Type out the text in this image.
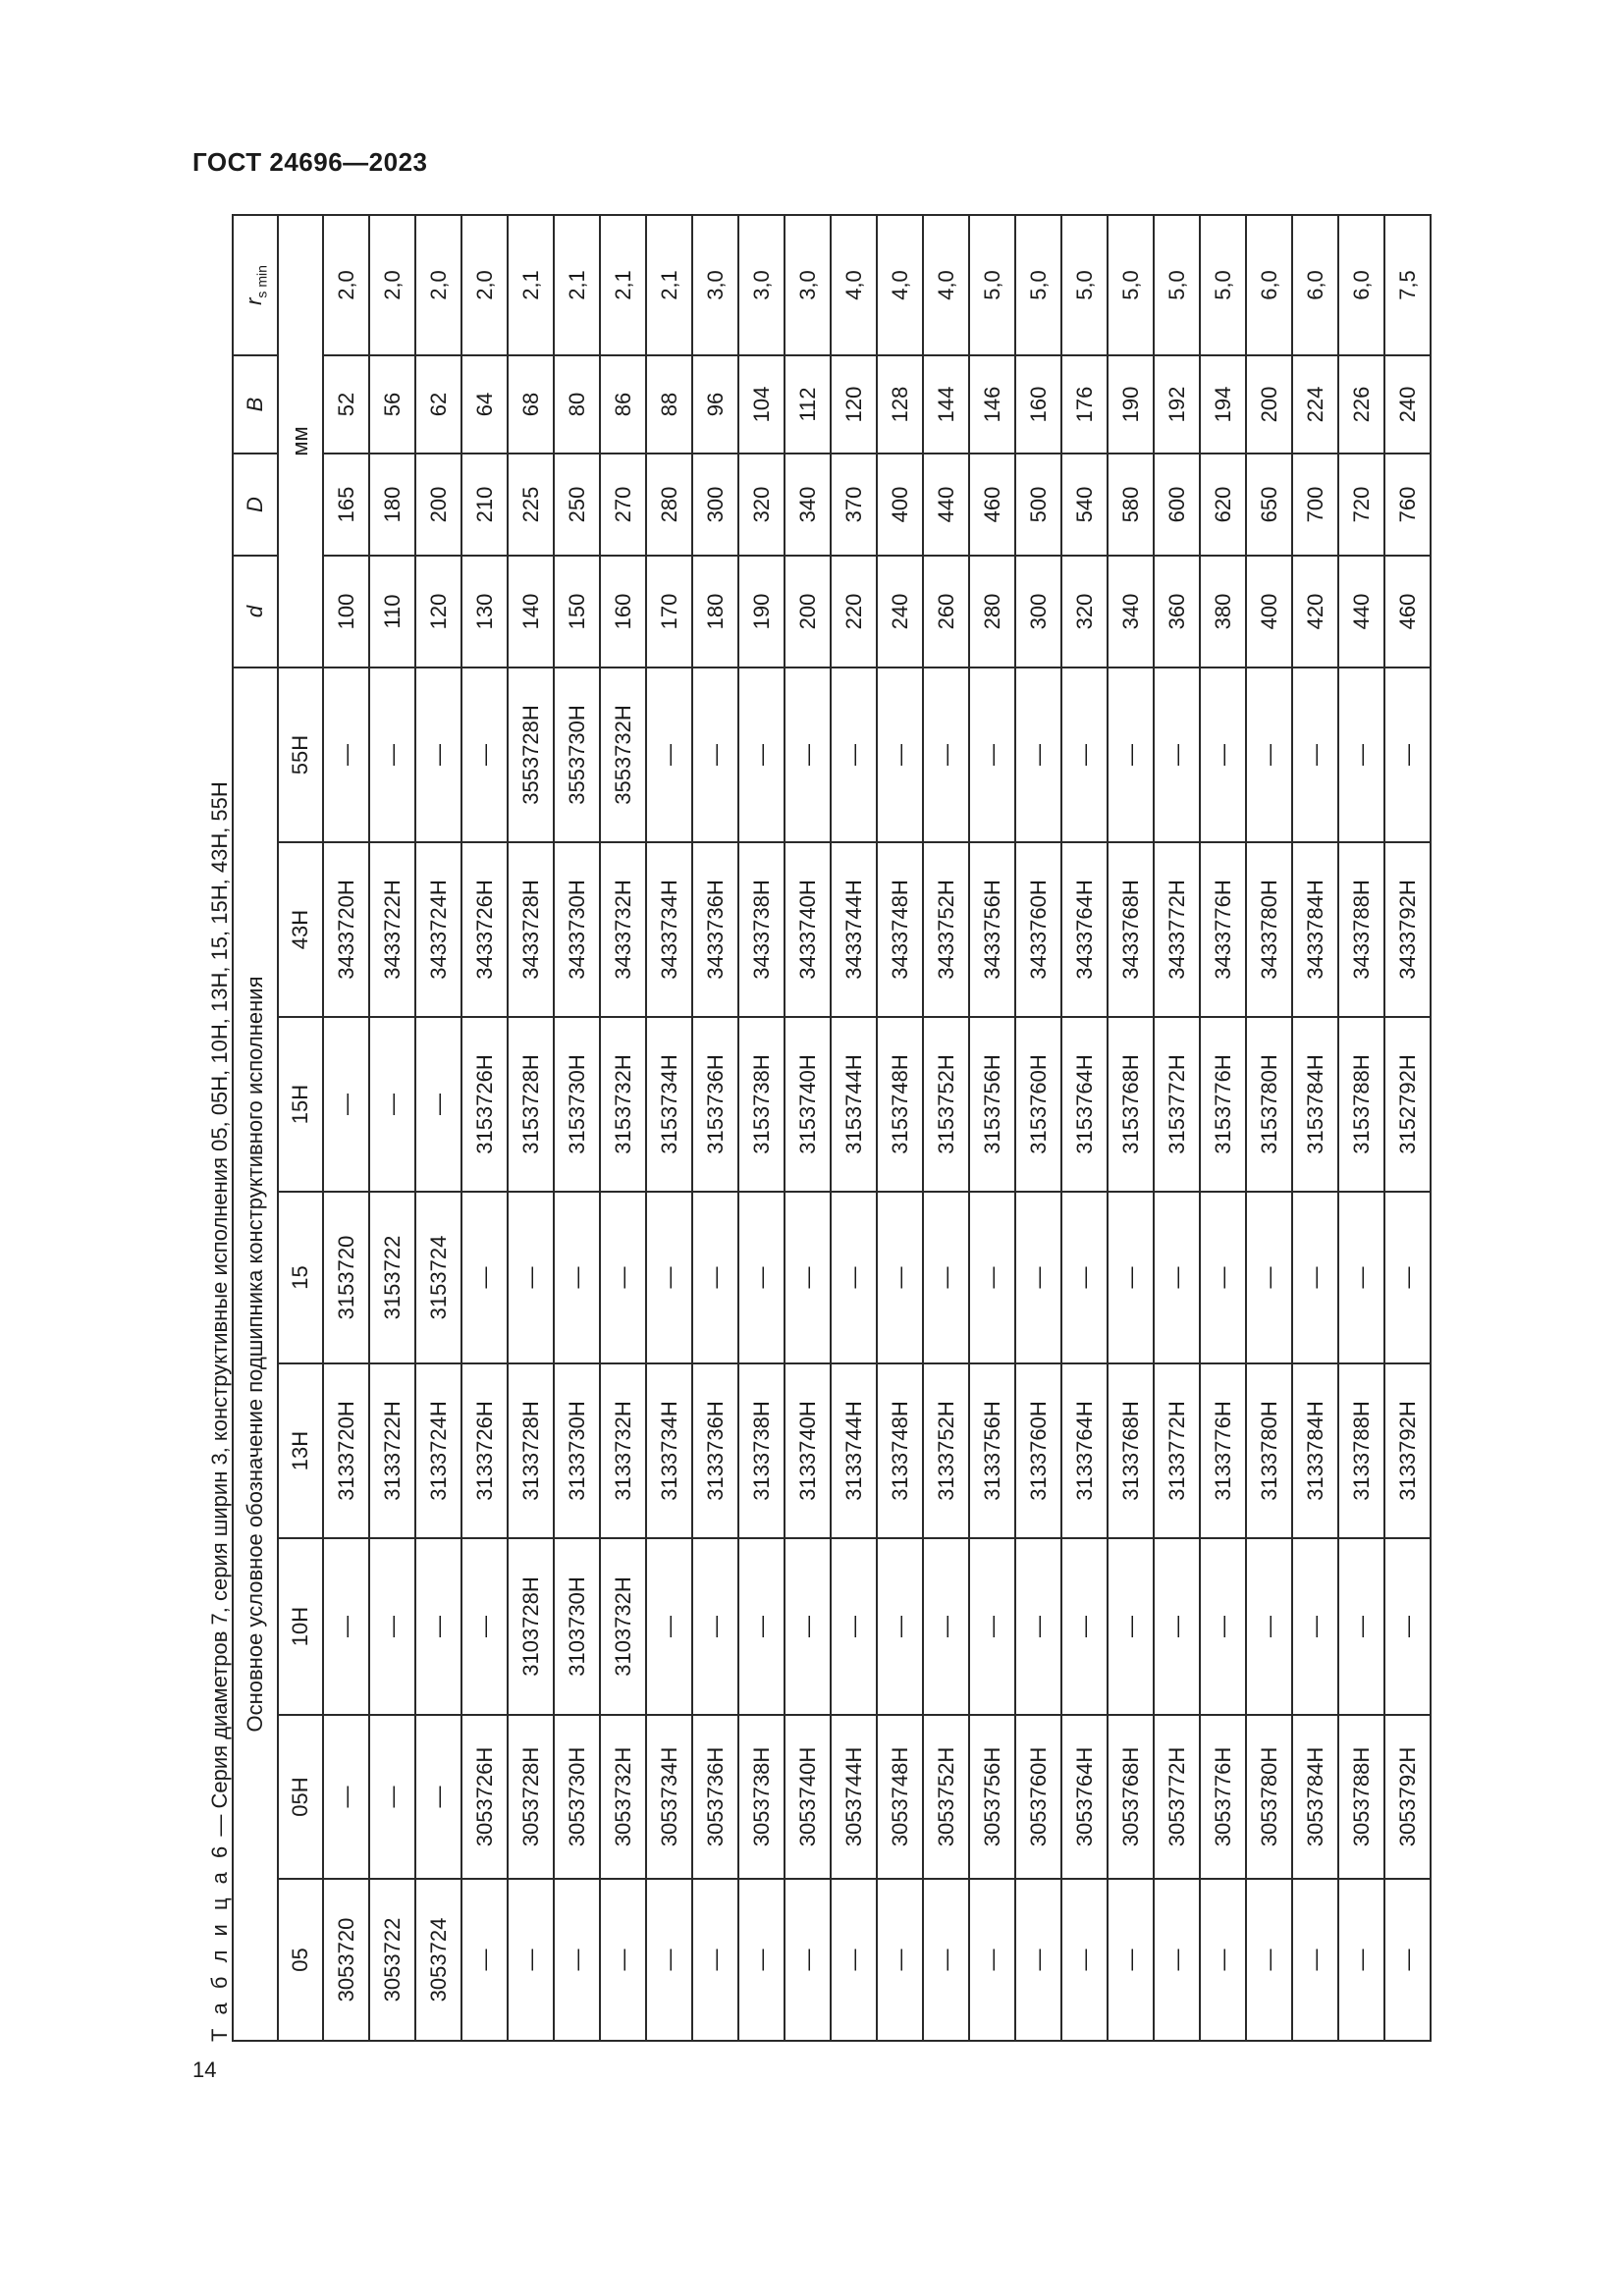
ГОСТ 24696—2023
14
Т а б л и ц а 6 — Серия диаметров 7, серия ширин 3, конструктивные исполнения 05, 05Н, 10Н, 13Н, 15, 15Н, 43Н, 55Н Основное условное обозначение подшипника конструктивного исполнения								d	D	B	$r_{s min}$
05	05Н	10Н	13Н	15	15Н	43Н	55Н				
								мм			
3053720	—	—	3133720Н	3153720	—	3433720Н	—	100	165	52	2,0
3053722	—	—	3133722Н	3153722	—	3433722Н	—	110	180	56	2,0
3053724	—	—	3133724Н	3153724	—	3433724Н	—	120	200	62	2,0
—	3053726Н	—	3133726Н	—	3153726Н	3433726Н	—	130	210	64	2,0
—	3053728Н	3103728Н	3133728Н	—	3153728Н	3433728Н	3553728Н	140	225	68	2,1
—	3053730Н	3103730Н	3133730Н	—	3153730Н	3433730Н	3553730Н	150	250	80	2,1
—	3053732Н	3103732Н	3133732Н	—	3153732Н	3433732Н	3553732Н	160	270	86	2,1
—	3053734Н	—	3133734Н	—	3153734Н	3433734Н	—	170	280	88	2,1
—	3053736Н	—	3133736Н	—	3153736Н	3433736Н	—	180	300	96	3,0
—	3053738Н	—	3133738Н	—	3153738Н	3433738Н	—	190	320	104	3,0
—	3053740Н	—	3133740Н	—	3153740Н	3433740Н	—	200	340	112	3,0
—	3053744Н	—	3133744Н	—	3153744Н	3433744Н	—	220	370	120	4,0
—	3053748Н	—	3133748Н	—	3153748Н	3433748Н	—	240	400	128	4,0
—	3053752Н	—	3133752Н	—	3153752Н	3433752Н	—	260	440	144	4,0
—	3053756Н	—	3133756Н	—	3153756Н	3433756Н	—	280	460	146	5,0
—	3053760Н	—	3133760Н	—	3153760Н	3433760Н	—	300	500	160	5,0
—	3053764Н	—	3133764Н	—	3153764Н	3433764Н	—	320	540	176	5,0
—	3053768Н	—	3133768Н	—	3153768Н	3433768Н	—	340	580	190	5,0
—	3053772Н	—	3133772Н	—	3153772Н	3433772Н	—	360	600	192	5,0
—	3053776Н	—	3133776Н	—	3153776Н	3433776Н	—	380	620	194	5,0
—	3053780Н	—	3133780Н	—	3153780Н	3433780Н	—	400	650	200	6,0
—	3053784Н	—	3133784Н	—	3153784Н	3433784Н	—	420	700	224	6,0
—	3053788Н	—	3133788Н	—	3153788Н	3433788Н	—	440	720	226	6,0
—	3053792Н	—	3133792Н	—	3152792Н	3433792Н	—	460	760	240	7,5
